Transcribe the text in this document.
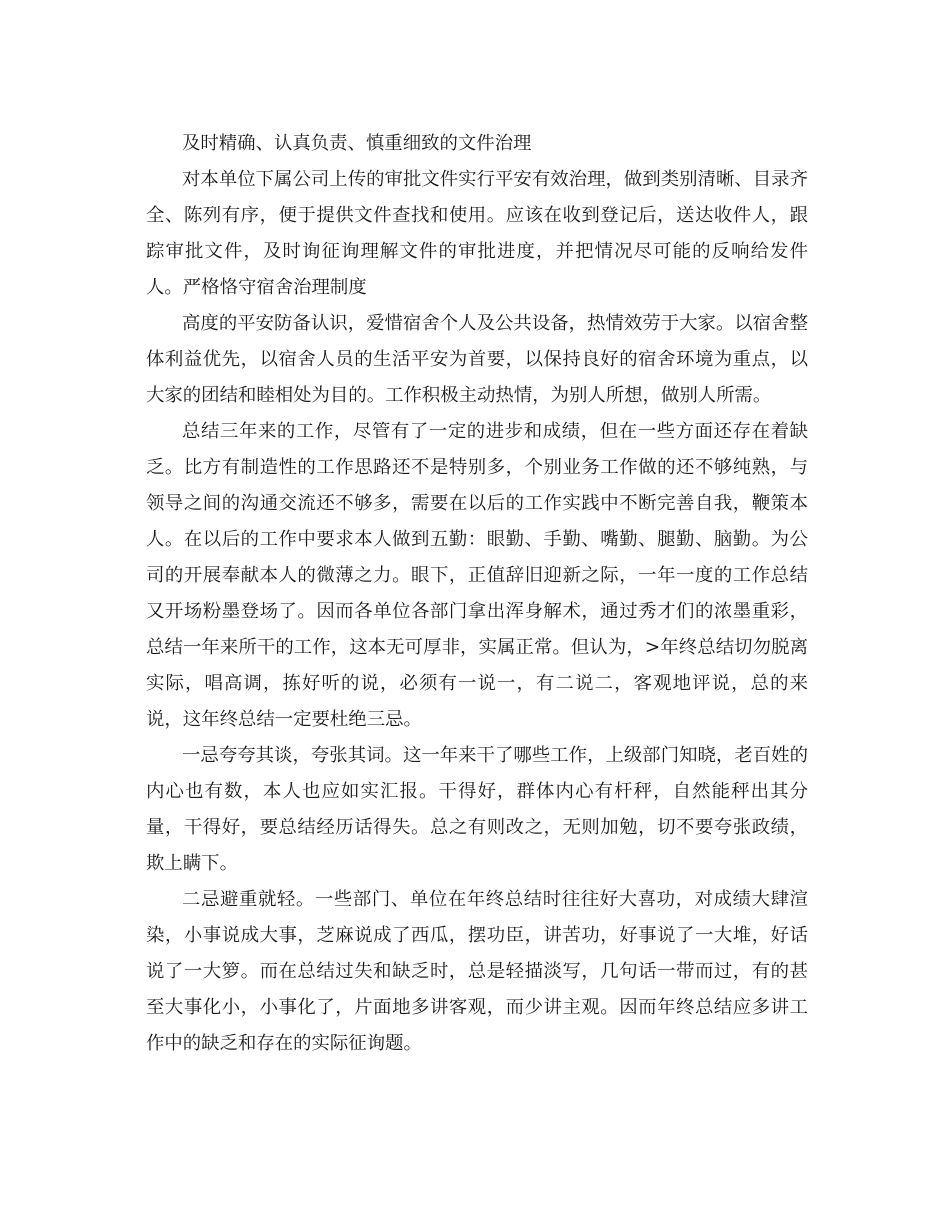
及时精确、认真负责、慎重细致的文件治理

对本单位下属公司上传的审批文件实行平安有效治理，做到类别清晰、目录齐全、陈列有序，便于提供文件查找和使用。应该在收到登记后，送达收件人，跟踪审批文件，及时询征询理解文件的审批进度，并把情况尽可能的反响给发件人。严格恪守宿舍治理制度

高度的平安防备认识，爱惜宿舍个人及公共设备，热情效劳于大家。以宿舍整体利益优先，以宿舍人员的生活平安为首要，以保持良好的宿舍环境为重点，以大家的团结和睦相处为目的。工作积极主动热情，为别人所想，做别人所需。

总结三年来的工作，尽管有了一定的进步和成绩，但在一些方面还存在着缺乏。比方有制造性的工作思路还不是特别多，个别业务工作做的还不够纯熟，与领导之间的沟通交流还不够多，需要在以后的工作实践中不断完善自我，鞭策本人。在以后的工作中要求本人做到五勤：眼勤、手勤、嘴勤、腿勤、脑勤。为公司的开展奉献本人的微薄之力。眼下，正值辞旧迎新之际，一年一度的工作总结又开场粉墨登场了。因而各单位各部门拿出浑身解术，通过秀才们的浓墨重彩，总结一年来所干的工作，这本无可厚非，实属正常。但认为，>年终总结切勿脱离实际，唱高调，拣好听的说，必须有一说一，有二说二，客观地评说，总的来说，这年终总结一定要杜绝三忌。

一忌夸夸其谈，夸张其词。这一年来干了哪些工作，上级部门知晓，老百姓的内心也有数，本人也应如实汇报。干得好，群体内心有杆秤，自然能秤出其分量，干得好，要总结经历话得失。总之有则改之，无则加勉，切不要夸张政绩，欺上瞒下。

二忌避重就轻。一些部门、单位在年终总结时往往好大喜功，对成绩大肆渲染，小事说成大事，芝麻说成了西瓜，摆功臣，讲苦功，好事说了一大堆，好话说了一大箩。而在总结过失和缺乏时，总是轻描淡写，几句话一带而过，有的甚至大事化小，小事化了，片面地多讲客观，而少讲主观。因而年终总结应多讲工作中的缺乏和存在的实际征询题。
